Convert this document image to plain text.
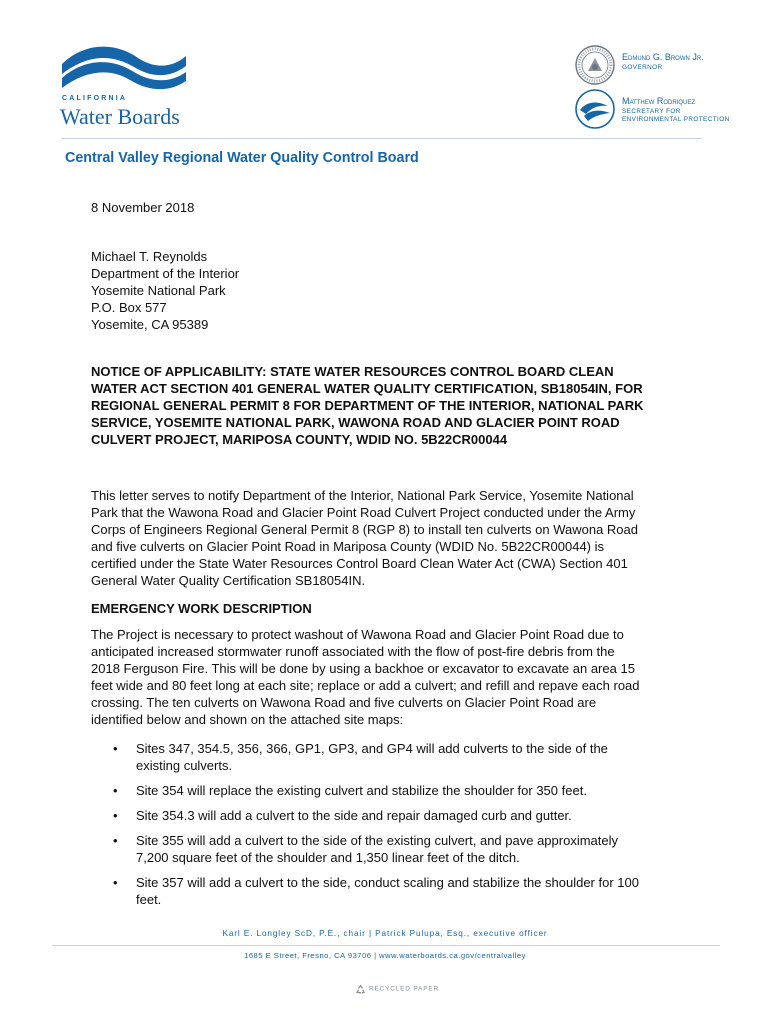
CALIFORNIA
Water Boards
Edmund G. Brown Jr.
GOVERNOR
Matthew Rodriquez
SECRETARY FOR
ENVIRONMENTAL PROTECTION
Central Valley Regional Water Quality Control Board
8 November 2018
Michael T. Reynolds
Department of the Interior
Yosemite National Park
P.O. Box 577
Yosemite, CA 95389
NOTICE OF APPLICABILITY: STATE WATER RESOURCES CONTROL BOARD CLEAN
WATER ACT SECTION 401 GENERAL WATER QUALITY CERTIFICATION, SB18054IN, FOR
REGIONAL GENERAL PERMIT 8 FOR DEPARTMENT OF THE INTERIOR, NATIONAL PARK
SERVICE, YOSEMITE NATIONAL PARK, WAWONA ROAD AND GLACIER POINT ROAD
CULVERT PROJECT, MARIPOSA COUNTY, WDID NO. 5B22CR00044
This letter serves to notify Department of the Interior, National Park Service, Yosemite National
Park that the Wawona Road and Glacier Point Road Culvert Project conducted under the Army
Corps of Engineers Regional General Permit 8 (RGP 8) to install ten culverts on Wawona Road
and five culverts on Glacier Point Road in Mariposa County (WDID No. 5B22CR00044) is
certified under the State Water Resources Control Board Clean Water Act (CWA) Section 401
General Water Quality Certification SB18054IN.
EMERGENCY WORK DESCRIPTION
The Project is necessary to protect washout of Wawona Road and Glacier Point Road due to
anticipated increased stormwater runoff associated with the flow of post-fire debris from the
2018 Ferguson Fire. This will be done by using a backhoe or excavator to excavate an area 15
feet wide and 80 feet long at each site; replace or add a culvert; and refill and repave each road
crossing. The ten culverts on Wawona Road and five culverts on Glacier Point Road are
identified below and shown on the attached site maps:
• Sites 347, 354.5, 356, 366, GP1, GP3, and GP4 will add culverts to the side of the
existing culverts.
• Site 354 will replace the existing culvert and stabilize the shoulder for 350 feet.
• Site 354.3 will add a culvert to the side and repair damaged curb and gutter.
• Site 355 will add a culvert to the side of the existing culvert, and pave approximately
7,200 square feet of the shoulder and 1,350 linear feet of the ditch.
• Site 357 will add a culvert to the side, conduct scaling and stabilize the shoulder for 100
feet.
Karl E. Longley ScD, P.E., chair | Patrick Pulupa, Esq., executive officer
1685 E Street, Fresno, CA 93706 | www.waterboards.ca.gov/centralvalley
RECYCLED PAPER
